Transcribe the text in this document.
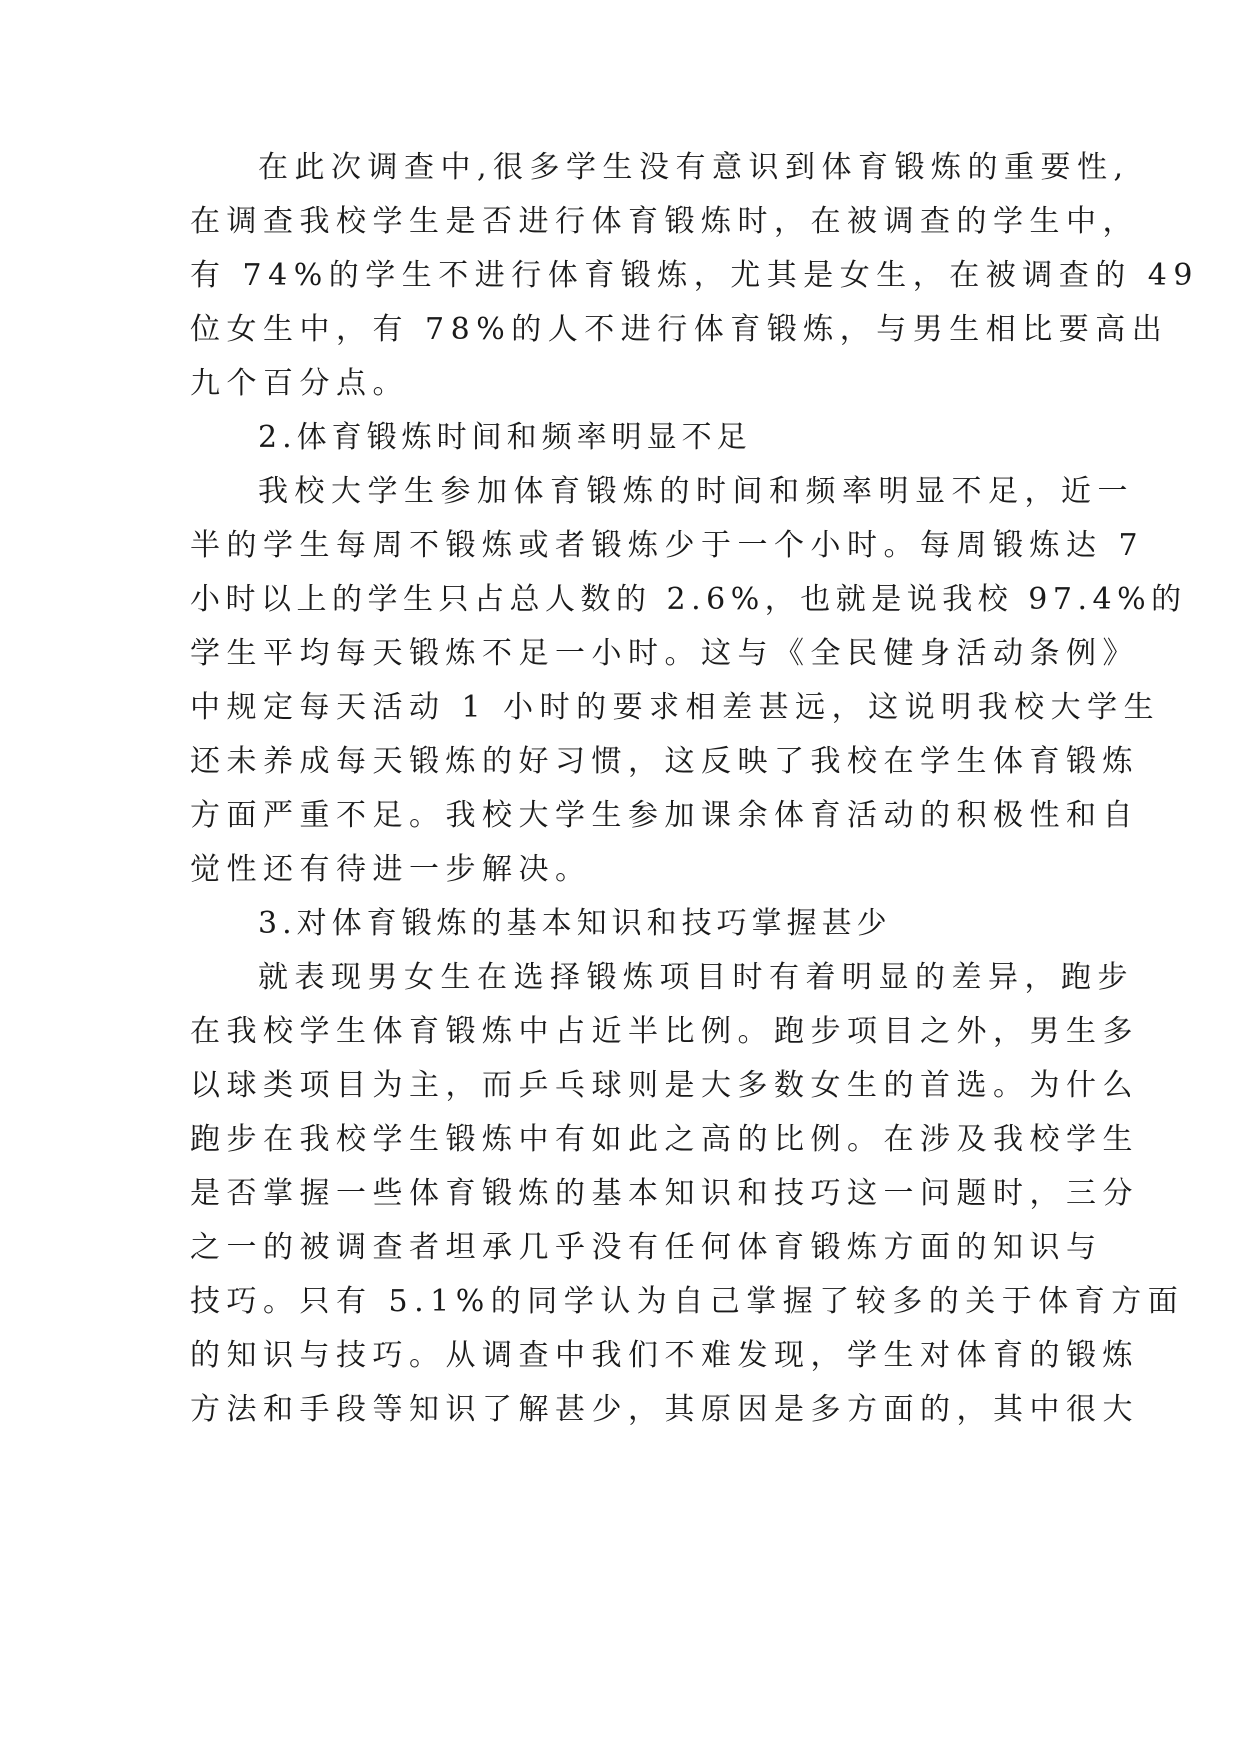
在此次调查中,很多学生没有意识到体育锻炼的重要性,

在调查我校学生是否进行体育锻炼时，在被调查的学生中，

有 74%的学生不进行体育锻炼，尤其是女生，在被调查的 49

位女生中，有 78%的人不进行体育锻炼，与男生相比要高出

九个百分点。

2.体育锻炼时间和频率明显不足

我校大学生参加体育锻炼的时间和频率明显不足，近一

半的学生每周不锻炼或者锻炼少于一个小时。每周锻炼达 7

小时以上的学生只占总人数的 2.6%，也就是说我校 97.4%的

学生平均每天锻炼不足一小时。这与《全民健身活动条例》

中规定每天活动 1 小时的要求相差甚远，这说明我校大学生

还未养成每天锻炼的好习惯，这反映了我校在学生体育锻炼

方面严重不足。我校大学生参加课余体育活动的积极性和自

觉性还有待进一步解决。

3.对体育锻炼的基本知识和技巧掌握甚少

就表现男女生在选择锻炼项目时有着明显的差异，跑步

在我校学生体育锻炼中占近半比例。跑步项目之外，男生多

以球类项目为主，而乒乓球则是大多数女生的首选。为什么

跑步在我校学生锻炼中有如此之高的比例。在涉及我校学生

是否掌握一些体育锻炼的基本知识和技巧这一问题时，三分

之一的被调查者坦承几乎没有任何体育锻炼方面的知识与

技巧。只有 5.1%的同学认为自己掌握了较多的关于体育方面

的知识与技巧。从调查中我们不难发现，学生对体育的锻炼

方法和手段等知识了解甚少，其原因是多方面的，其中很大
